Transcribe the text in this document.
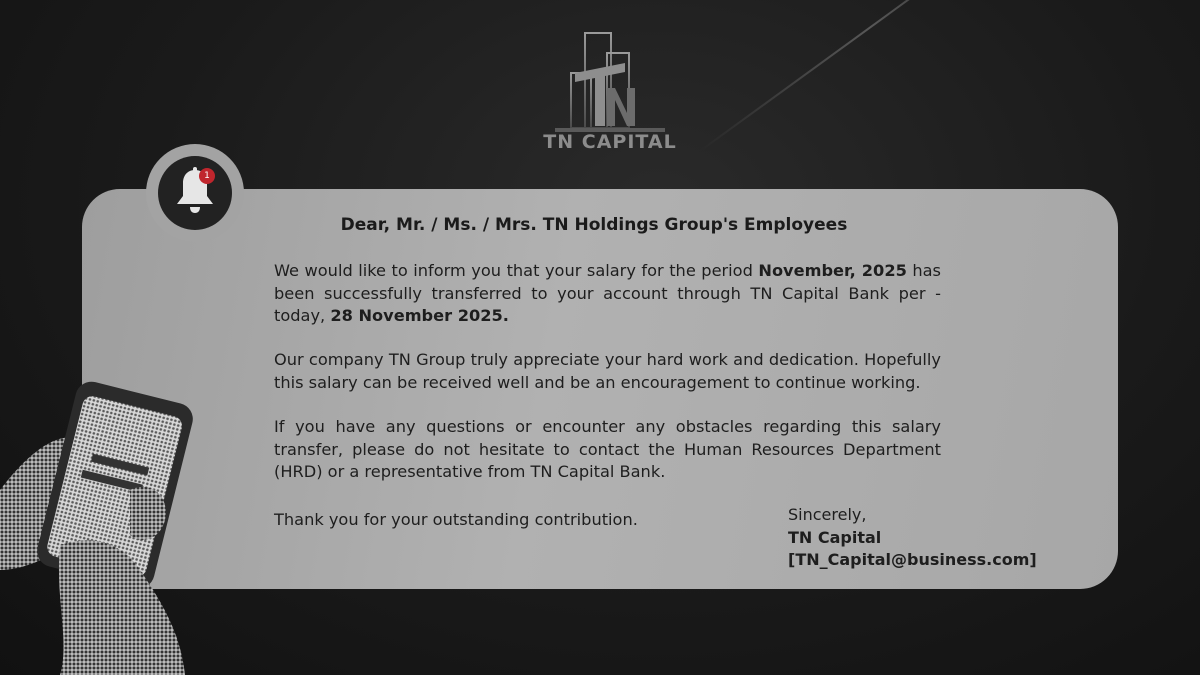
TN CAPITAL
1

Dear, Mr. / Ms. / Mrs. TN Holdings Group's Employees

We would like to inform you that your salary for the period November, 2025 has been successfully transferred to your account through TN Capital Bank per - today, 28 November 2025.

Our company TN Group truly appreciate your hard work and dedication. Hopefully this salary can be received well and be an encouragement to continue working.

If you have any questions or encounter any obstacles regarding this salary transfer, please do not hesitate to contact the Human Resources Department (HRD) or a representative from TN Capital Bank.

Thank you for your outstanding contribution.	Sincerely,
TN Capital
[TN_Capital@business.com]
